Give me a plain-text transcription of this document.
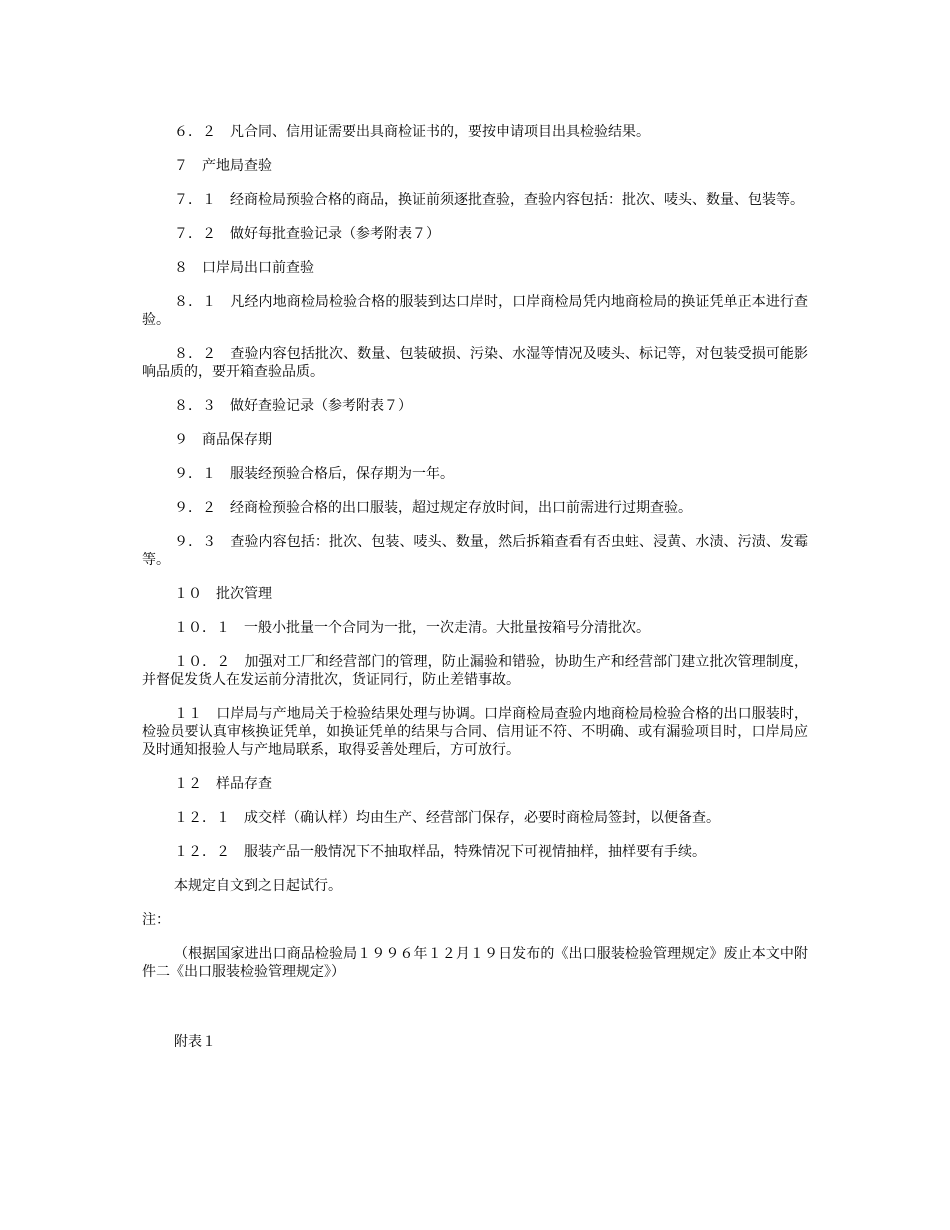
６．２　凡合同、信用证需要出具商检证书的，要按申请项目出具检验结果。

７　产地局查验

７．１　经商检局预验合格的商品，换证前须逐批查验，查验内容包括：批次、唛头、数量、包装等。

７．２　做好每批查验记录（参考附表７）

８　口岸局出口前查验

８．１　凡经内地商检局检验合格的服装到达口岸时，口岸商检局凭内地商检局的换证凭单正本进行查验。

８．２　查验内容包括批次、数量、包装破损、污染、水湿等情况及唛头、标记等，对包装受损可能影响品质的，要开箱查验品质。

８．３　做好查验记录（参考附表７）

９　商品保存期

９．１　服装经预验合格后，保存期为一年。

９．２　经商检预验合格的出口服装，超过规定存放时间，出口前需进行过期查验。

９．３　查验内容包括：批次、包装、唛头、数量，然后拆箱查看有否虫蛀、浸黄、水渍、污渍、发霉等。

１０　批次管理

１０．１　一般小批量一个合同为一批，一次走清。大批量按箱号分清批次。

１０．２　加强对工厂和经营部门的管理，防止漏验和错验，协助生产和经营部门建立批次管理制度，并督促发货人在发运前分清批次，货证同行，防止差错事故。

１１　口岸局与产地局关于检验结果处理与协调。口岸商检局查验内地商检局检验合格的出口服装时，检验员要认真审核换证凭单，如换证凭单的结果与合同、信用证不符、不明确、或有漏验项目时，口岸局应及时通知报验人与产地局联系，取得妥善处理后，方可放行。

１２　样品存查

１２．１　成交样（确认样）均由生产、经营部门保存，必要时商检局签封，以便备查。

１２．２　服装产品一般情况下不抽取样品，特殊情况下可视情抽样，抽样要有手续。

本规定自文到之日起试行。

注：

（根据国家进出口商品检验局１９９６年１２月１９日发布的《出口服装检验管理规定》废止本文中附件二《出口服装检验管理规定》）

附表１
